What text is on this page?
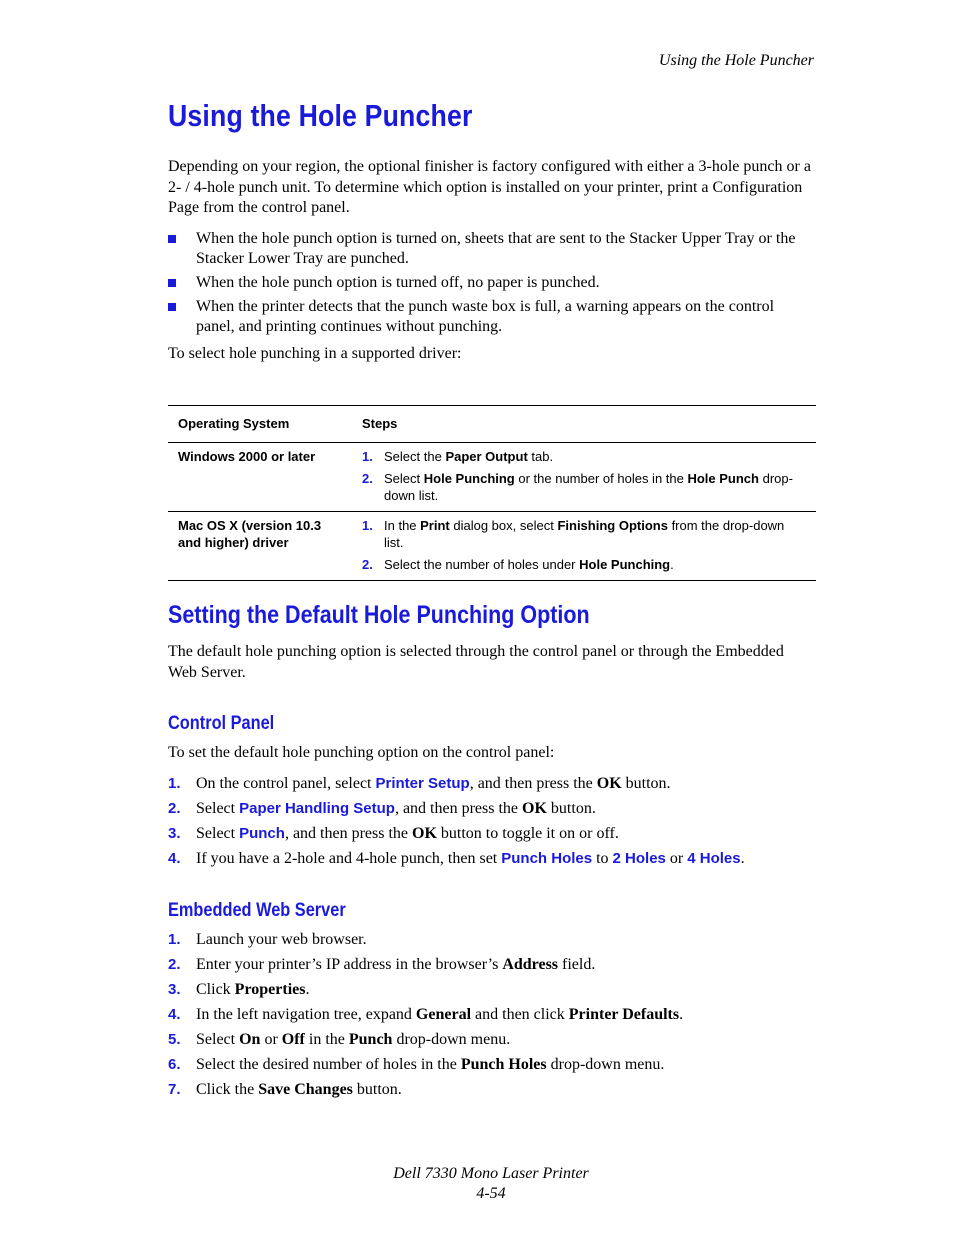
Using the Hole Puncher
Using the Hole Puncher

Depending on your region, the optional finisher is factory configured with either a 3-hole punch or a 2- / 4-hole punch unit. To determine which option is installed on your printer, print a Configuration Page from the control panel.

When the hole punch option is turned on, sheets that are sent to the Stacker Upper Tray or the Stacker Lower Tray are punched.
When the hole punch option is turned off, no paper is punched.
When the printer detects that the punch waste box is full, a warning appears on the control panel, and printing continues without punching.

To select hole punching in a supported driver:

Operating System	Steps
Windows 2000 or later	1. Select the Paper Output tab.
2. Select Hole Punching or the number of holes in the Hole Punch drop-down list.

Mac OS X (version 10.3 and higher) driver	1. In the Print dialog box, select Finishing Options from the drop-down list.
2. Select the number of holes under Hole Punching.
Setting the Default Hole Punching Option

The default hole punching option is selected through the control panel or through the Embedded Web Server.

Control Panel

To set the default hole punching option on the control panel:

1. On the control panel, select Printer Setup, and then press the OK button.
2. Select Paper Handling Setup, and then press the OK button.
3. Select Punch, and then press the OK button to toggle it on or off.
4. If you have a 2-hole and 4-hole punch, then set Punch Holes to 2 Holes or 4 Holes.
Embedded Web Server
1. Launch your web browser.
2. Enter your printer’s IP address in the browser’s Address field.
3. Click Properties.
4. In the left navigation tree, expand General and then click Printer Defaults.
5. Select On or Off in the Punch drop-down menu.
6. Select the desired number of holes in the Punch Holes drop-down menu.
7. Click the Save Changes button.
Dell 7330 Mono Laser Printer
4-54
